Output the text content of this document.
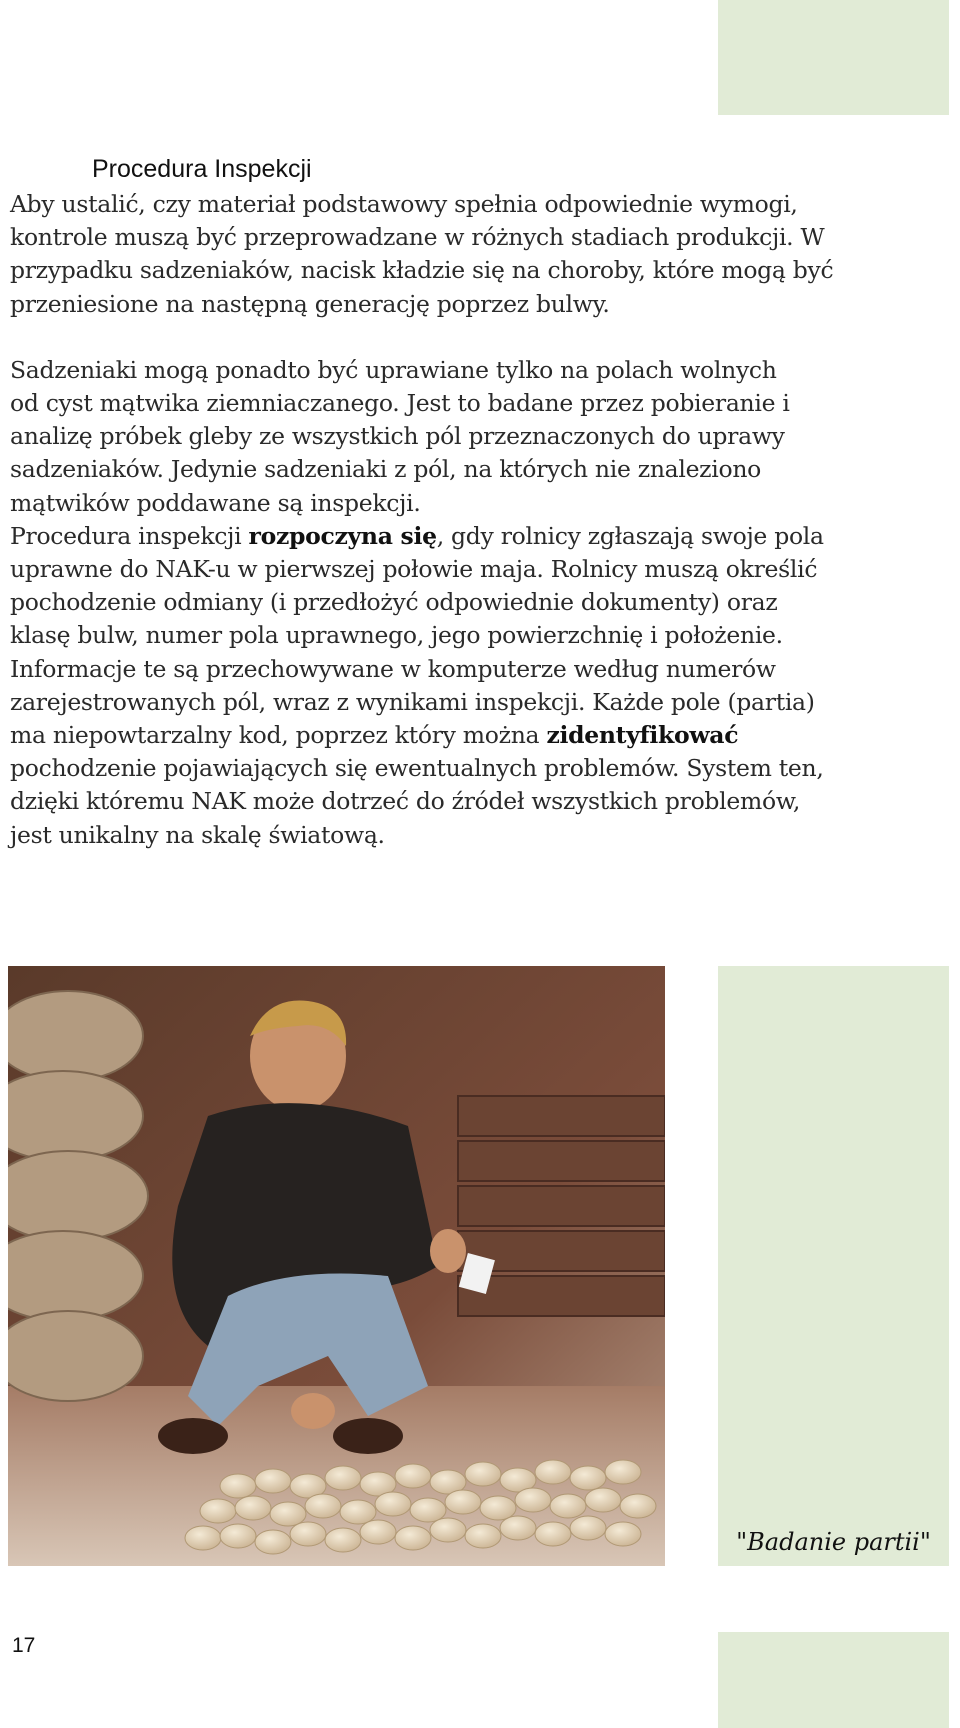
Procedura Inspekcji
Aby ustalić, czy materiał podstawowy spełnia odpowiednie wymogi,
kontrole muszą być przeprowadzane w różnych stadiach produkcji. W
przypadku sadzeniaków, nacisk kładzie się na choroby, które mogą być
przeniesione na następną generację poprzez bulwy.
Sadzeniaki mogą ponadto być uprawiane tylko na polach wolnych
od cyst mątwika ziemniaczanego. Jest to badane przez pobieranie i
analizę próbek gleby ze wszystkich pól przeznaczonych do uprawy
sadzeniaków. Jedynie sadzeniaki z pól, na których nie znaleziono
mątwików poddawane są inspekcji.
Procedura inspekcji rozpoczyna się, gdy rolnicy zgłaszają swoje pola
uprawne do NAK-u w pierwszej połowie maja. Rolnicy muszą określić
pochodzenie odmiany (i przedłożyć odpowiednie dokumenty) oraz
klasę bulw, numer pola uprawnego, jego powierzchnię i położenie.
Informacje te są przechowywane w komputerze według numerów
zarejestrowanych pól, wraz z wynikami inspekcji. Każde pole (partia)
ma niepowtarzalny kod, poprzez który można zidentyfikować
pochodzenie pojawiających się ewentualnych problemów. System ten,
dzięki któremu NAK może dotrzeć do źródeł wszystkich problemów,
jest unikalny na skalę światową.
"Badanie partii"
17
